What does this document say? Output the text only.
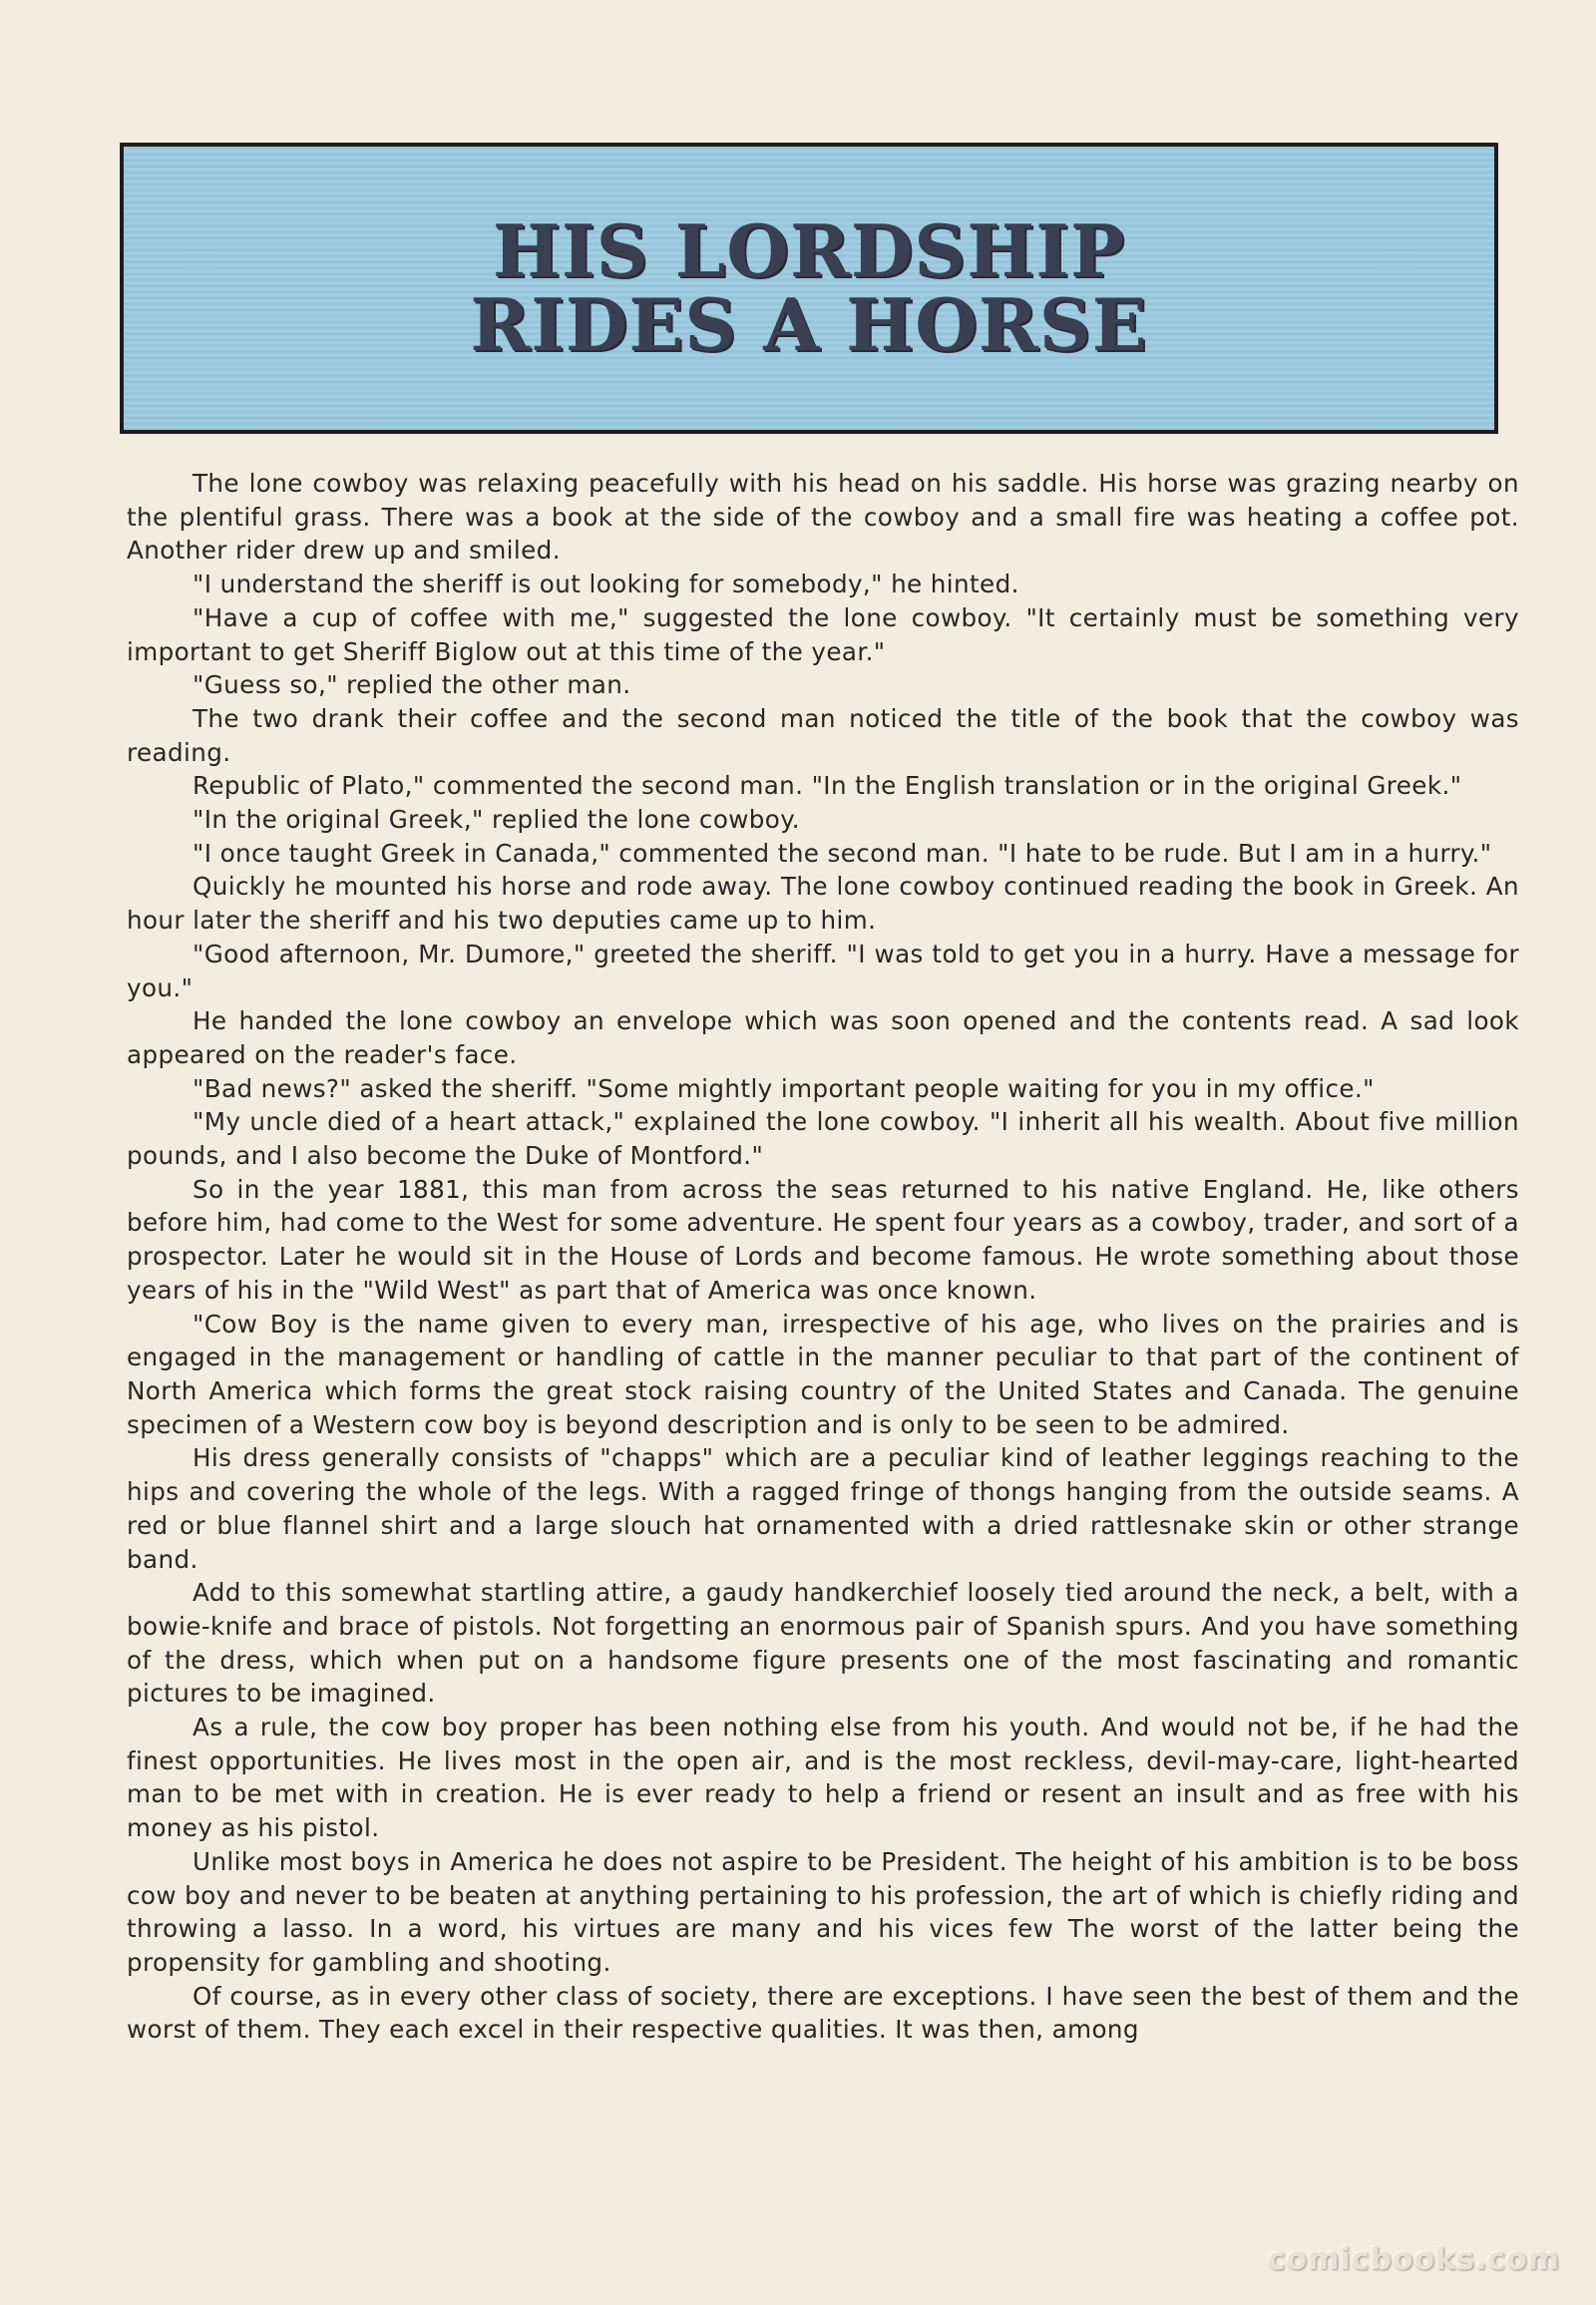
HIS LORDSHIP
RIDES A HORSE

The lone cowboy was relaxing peacefully with his head on his saddle. His horse was grazing nearby on the plentiful grass. There was a book at the side of the cowboy and a small fire was heating a coffee pot. Another rider drew up and smiled.

"I understand the sheriff is out looking for somebody," he hinted.

"Have a cup of coffee with me," suggested the lone cowboy. "It certainly must be something very important to get Sheriff Biglow out at this time of the year."

"Guess so," replied the other man.

The two drank their coffee and the second man noticed the title of the book that the cowboy was reading.

Republic of Plato," commented the second man. "In the English translation or in the original Greek."

"In the original Greek," replied the lone cowboy.

"I once taught Greek in Canada," commented the second man. "I hate to be rude. But I am in a hurry."

Quickly he mounted his horse and rode away. The lone cowboy continued reading the book in Greek. An hour later the sheriff and his two deputies came up to him.

"Good afternoon, Mr. Dumore," greeted the sheriff. "I was told to get you in a hurry. Have a message for you."

He handed the lone cowboy an envelope which was soon opened and the contents read. A sad look appeared on the reader's face.

"Bad news?" asked the sheriff. "Some mightly important people waiting for you in my office."

"My uncle died of a heart attack," explained the lone cowboy. "I inherit all his wealth. About five million pounds, and I also become the Duke of Montford."

So in the year 1881, this man from across the seas returned to his native England. He, like others before him, had come to the West for some adventure. He spent four years as a cowboy, trader, and sort of a prospector. Later he would sit in the House of Lords and become famous. He wrote something about those years of his in the "Wild West" as part that of America was once known.

"Cow Boy is the name given to every man, irrespective of his age, who lives on the prairies and is engaged in the management or handling of cattle in the manner peculiar to that part of the continent of North America which forms the great stock raising country of the United States and Canada. The genuine specimen of a Western cow boy is beyond description and is only to be seen to be admired.

His dress generally consists of "chapps" which are a peculiar kind of leather leggings reaching to the hips and covering the whole of the legs. With a ragged fringe of thongs hanging from the outside seams. A red or blue flannel shirt and a large slouch hat ornamented with a dried rattlesnake skin or other strange band.

Add to this somewhat startling attire, a gaudy handkerchief loosely tied around the neck, a belt, with a bowie-knife and brace of pistols. Not forgetting an enormous pair of Spanish spurs. And you have something of the dress, which when put on a handsome figure presents one of the most fascinating and romantic pictures to be imagined.

As a rule, the cow boy proper has been nothing else from his youth. And would not be, if he had the finest opportunities. He lives most in the open air, and is the most reckless, devil-may-care, light-hearted man to be met with in creation. He is ever ready to help a friend or resent an insult and as free with his money as his pistol.

Unlike most boys in America he does not aspire to be President. The height of his ambition is to be boss cow boy and never to be beaten at anything pertaining to his profession, the art of which is chiefly riding and throwing a lasso. In a word, his virtues are many and his vices few The worst of the latter being the propensity for gambling and shooting.

Of course, as in every other class of society, there are exceptions. I have seen the best of them and the worst of them. They each excel in their respective qualities. It was then, among

comicbooks.com
